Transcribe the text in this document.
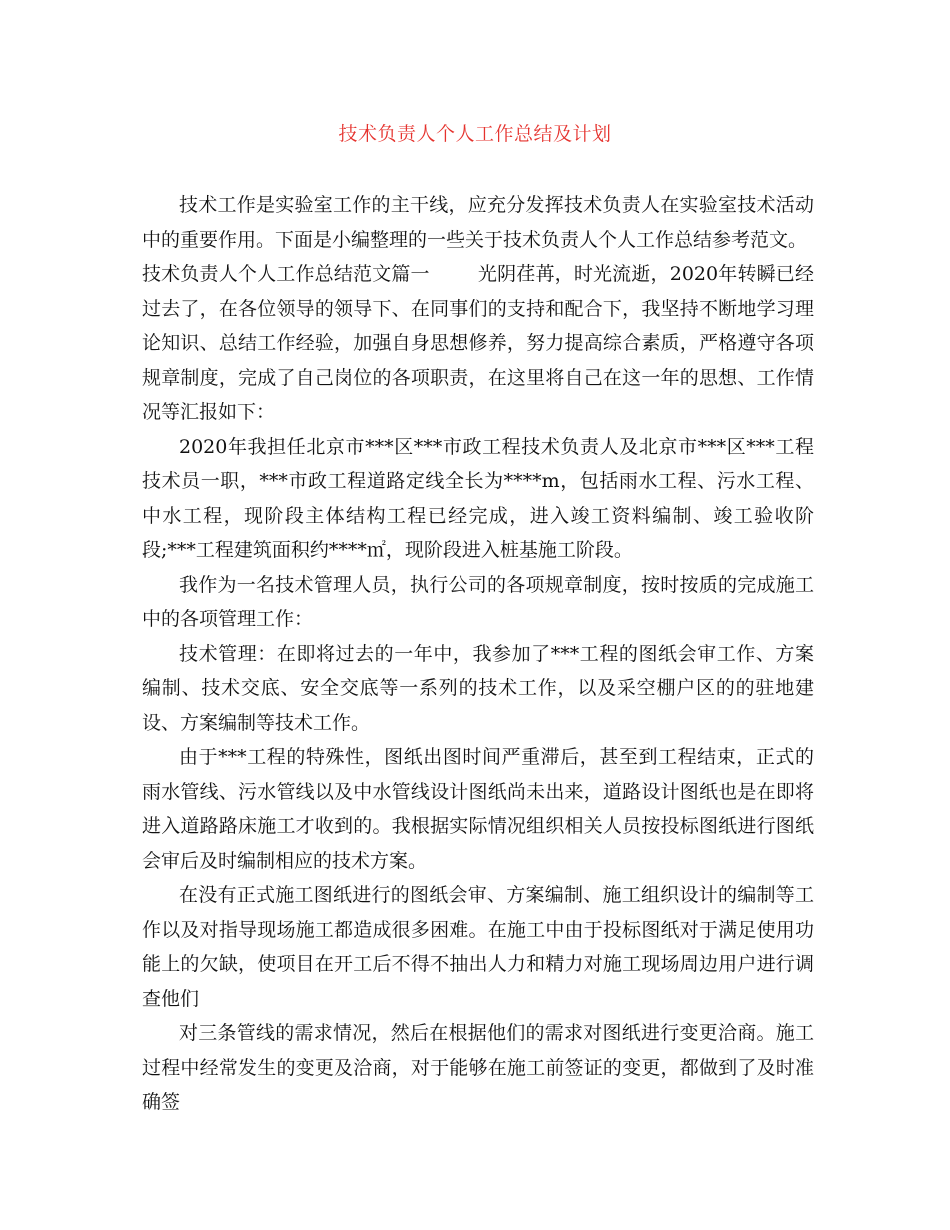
技术负责人个人工作总结及计划

技术工作是实验室工作的主干线，应充分发挥技术负责人在实验室技术活动中的重要作用。下面是小编整理的一些关于技术负责人个人工作总结参考范文。

技术负责人个人工作总结范文篇一	光阴荏苒，时光流逝，2020年转瞬已经过去了，在各位领导的领导下、在同事们的支持和配合下，我坚持不断地学习理论知识、总结工作经验，加强自身思想修养，努力提高综合素质，严格遵守各项规章制度，完成了自己岗位的各项职责，在这里将自己在这一年的思想、工作情况等汇报如下：

2020年我担任北京市***区***市政工程技术负责人及北京市***区***工程技术员一职，***市政工程道路定线全长为****m，包括雨水工程、污水工程、中水工程，现阶段主体结构工程已经完成，进入竣工资料编制、竣工验收阶段;***工程建筑面积约****㎡，现阶段进入桩基施工阶段。

我作为一名技术管理人员，执行公司的各项规章制度，按时按质的完成施工中的各项管理工作：

技术管理：在即将过去的一年中，我参加了***工程的图纸会审工作、方案编制、技术交底、安全交底等一系列的技术工作，以及采空棚户区的的驻地建设、方案编制等技术工作。

由于***工程的特殊性，图纸出图时间严重滞后，甚至到工程结束，正式的雨水管线、污水管线以及中水管线设计图纸尚未出来，道路设计图纸也是在即将进入道路路床施工才收到的。我根据实际情况组织相关人员按投标图纸进行图纸会审后及时编制相应的技术方案。

在没有正式施工图纸进行的图纸会审、方案编制、施工组织设计的编制等工作以及对指导现场施工都造成很多困难。在施工中由于投标图纸对于满足使用功能上的欠缺，使项目在开工后不得不抽出人力和精力对施工现场周边用户进行调查他们

对三条管线的需求情况，然后在根据他们的需求对图纸进行变更洽商。施工过程中经常发生的变更及洽商，对于能够在施工前签证的变更，都做到了及时准确签
